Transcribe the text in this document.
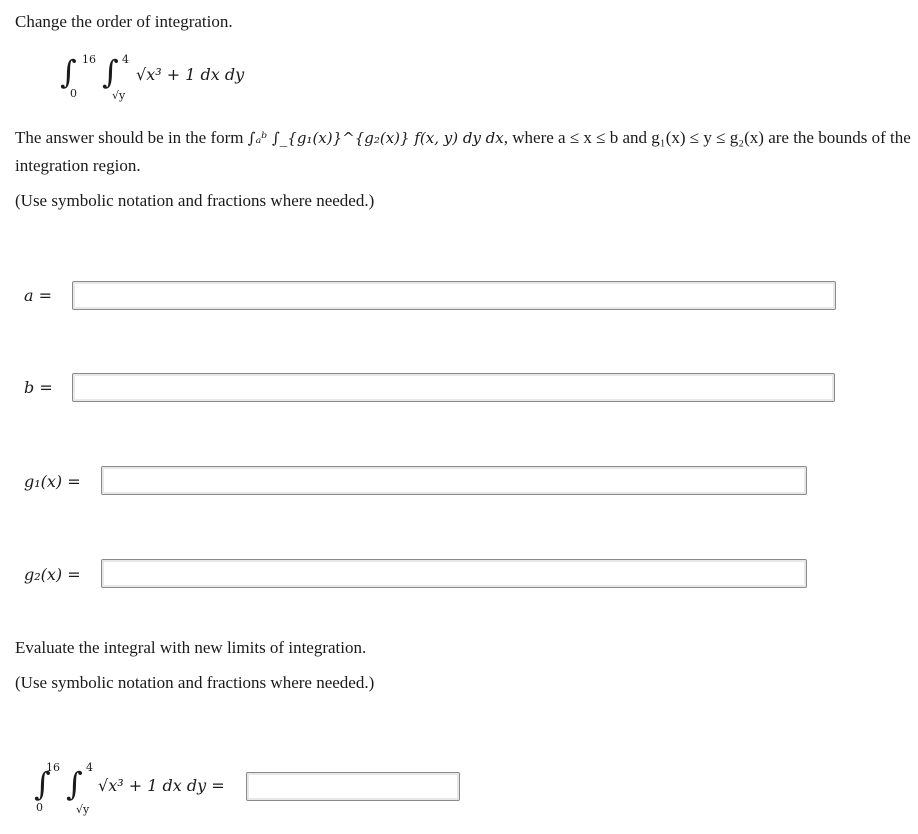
Change the order of integration.
∫ 16
0
∫ 4
√y
√x³ + 1 dx dy
The answer should be in the form ∫ₐᵇ ∫_{g₁(x)}^{g₂(x)} f(x, y) dy dx, where a ≤ x ≤ b and g₁(x) ≤ y ≤ g₂(x) are the bounds of the
integration region.
(Use symbolic notation and fractions where needed.)
a =
b =
g₁(x) =
g₂(x) =
Evaluate the integral with new limits of integration.
(Use symbolic notation and fractions where needed.)
∫
16
0
∫ 4
√y
√x³ + 1 dx dy =
